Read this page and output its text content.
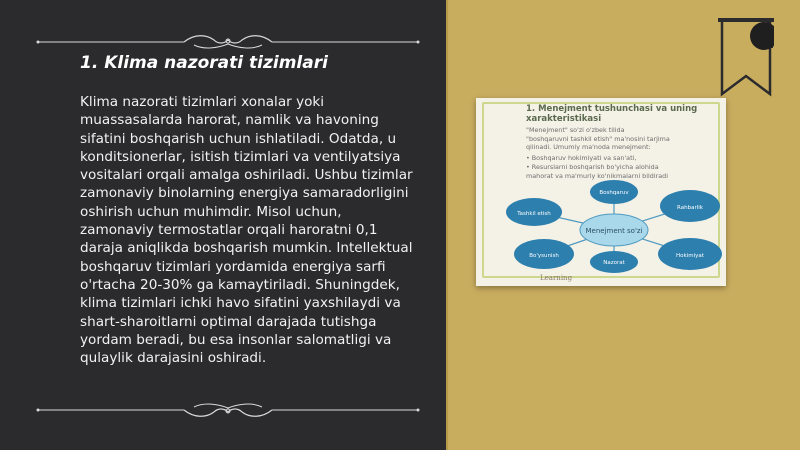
1. Klima nazorati tizimlari
Klima nazorati tizimlari xonalar yoki muassasalarda harorat, namlik va havoning sifatini boshqarish uchun ishlatiladi. Odatda, u konditsionerlar, isitish tizimlari va ventilyatsiya vositalari orqali amalga oshiriladi. Ushbu tizimlar zamonaviy binolarning energiya samaradorligini oshirish uchun muhimdir. Misol uchun, zamonaviy termostatlar orqali haroratni 0,1 daraja aniqlikda boshqarish mumkin. Intellektual boshqaruv tizimlari yordamida energiya sarfi o'rtacha 20-30% ga kamaytiriladi. Shuningdek, klima tizimlari ichki havo sifatini yaxshilaydi va shart-sharoitlarni optimal darajada tutishga yordam beradi, bu esa insonlar salomatligi va qulaylik darajasini oshiradi.
1. Menejment tushunchasi va uning xarakteristikasi
"Menejment" so'zi o'zbek tilida
"boshqaruvni tashkil etish" ma'nosini tarjima
qilinadi. Umumiy ma'noda menejment:
• Boshqaruv hokimiyati va san'ati,
• Resurslarni boshqarish bo'yicha alohida
mahorat va ma'muriy ko'nikmalarni bildiradi
Menejment so'zi
Tashkil etish
Boshqaruv
Rahbarlik
Bo'ysunish
Nazorat
Hokimiyat
Learning
